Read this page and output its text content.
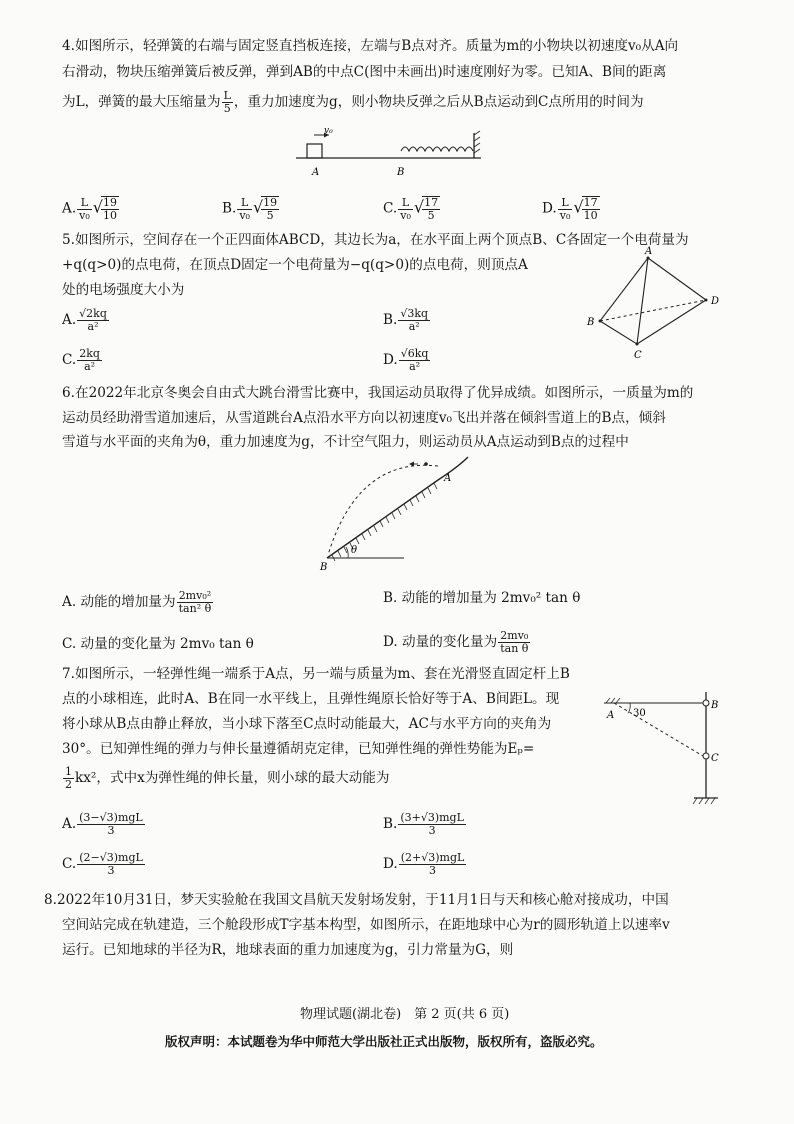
4.如图所示，轻弹簧的右端与固定竖直挡板连接，左端与B点对齐。质量为m的小物块以初速度v₀从A向
右滑动，物块压缩弹簧后被反弹，弹到AB的中点C(图中未画出)时速度刚好为零。已知A、B间的距离
为L，弹簧的最大压缩量为 $\frac{L}{5}$ ，重力加速度为g，则小物块反弹之后从B点运动到C点所用的时间为
v₀
A	B
A. $\frac{L}{\text{v₀}}$ √
$\frac{19}{10}$	B. $\frac{L}{\text{v₀}}$ √
$\frac{19}{5}$	C. $\frac{L}{\text{v₀}}$ √
$\frac{17}{5}$	D. $\frac{L}{\text{v₀}}$ √
$\frac{17}{10}$
5.如图所示，空间存在一个正四面体ABCD，其边长为a，在水平面上两个顶点B、C各固定一个电荷量为
+q(q>0)的点电荷，在顶点D固定一个电荷量为−q(q>0)的点电荷，则顶点A
处的电场强度大小为
A
B
C
D
A. $\frac{√2kq}{\text{a²}}$	B. $\frac{√3kq}{\text{a²}}$
C. $\frac{2kq}{\text{a²}}$	D. $\frac{√6kq}{\text{a²}}$
6.在2022年北京冬奥会自由式大跳台滑雪比赛中，我国运动员取得了优异成绩。如图所示，一质量为m的
运动员经助滑雪道加速后，从雪道跳台A点沿水平方向以初速度v₀飞出并落在倾斜雪道上的B点，倾斜
雪道与水平面的夹角为θ，重力加速度为g，不计空气阻力，则运动员从A点运动到B点的过程中
A
B
θ
A. 动能的增加量为 $\frac{\text{2mv₀²}}{\text{tan² θ}}$	B. 动能的增加量为 2mv₀² tan θ
C. 动量的变化量为 2mv₀ tan θ	D. 动量的变化量为 $\frac{\text{2mv₀}}{\text{tan θ}}$
7.如图所示，一轻弹性绳一端系于A点，另一端与质量为m、套在光滑竖直固定杆上B
点的小球相连，此时A、B在同一水平线上，且弹性绳原长恰好等于A、B间距L。现
将小球从B点由静止释放，当小球下落至C点时动能最大，AC与水平方向的夹角为
30°。已知弹性绳的弹力与伸长量遵循胡克定律，已知弹性绳的弹性势能为Eₚ=
$\frac{1}{2} kx^2$，式中x为弹性绳的伸长量，则小球的最大动能为
A 30
B
C
A. $\frac{\text{(3−√3)mgL}}{3}$	B. $\frac{\text{(3+√3)mgL}}{3}$
C. $\frac{\text{(2−√3)mgL}}{3}$	D. $\frac{\text{(2+√3)mgL}}{3}$
8.2022年10月31日，梦天实验舱在我国文昌航天发射场发射，于11月1日与天和核心舱对接成功，中国
空间站完成在轨建造，三个舱段形成T字基本构型，如图所示，在距地球中心为r的圆形轨道上以速率v
运行。已知地球的半径为R，地球表面的重力加速度为g，引力常量为G，则
物理试题(湖北卷)　第 2 页(共 6 页)
版权声明：本试题卷为华中师范大学出版社正式出版物，版权所有，盗版必究。
